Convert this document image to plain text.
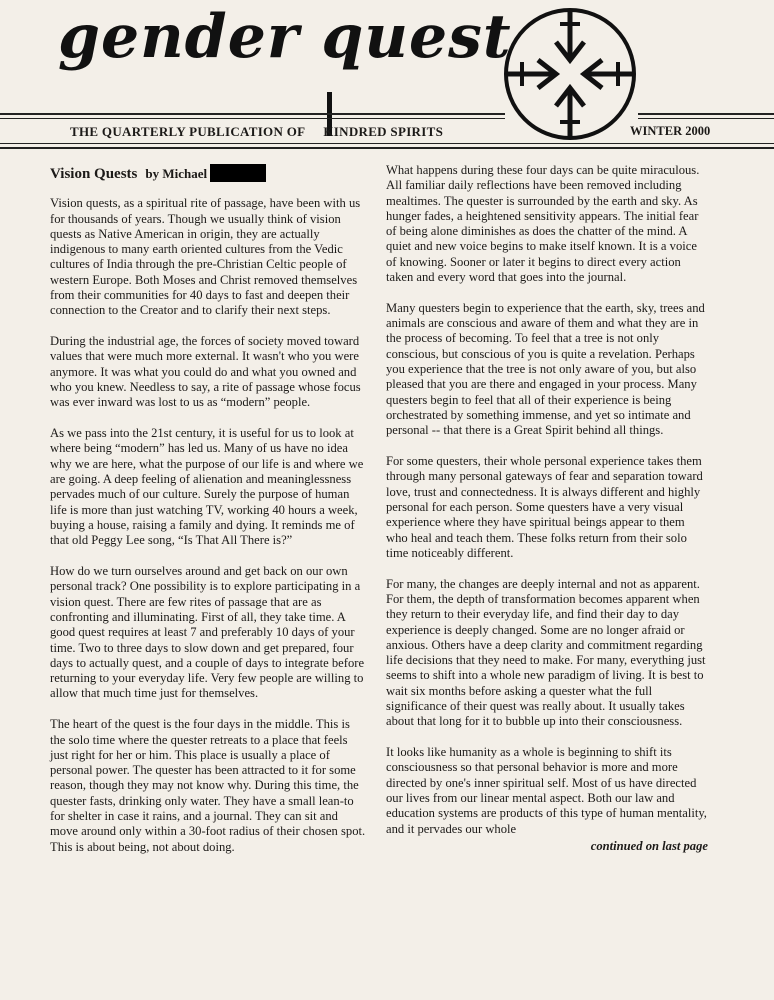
gender quest
THE QUARTERLY PUBLICATION OF KINDRED SPIRITS	WINTER 2000
Vision Quests by Michael

Vision quests, as a spiritual rite of passage, have been with us for thousands of years. Though we usually think of vision quests as Native American in origin, they are actually indigenous to many earth oriented cultures from the Vedic cultures of India through the pre-Christian Celtic people of western Europe. Both Moses and Christ removed themselves from their communities for 40 days to fast and deepen their connection to the Creator and to clarify their next steps.

During the industrial age, the forces of society moved toward values that were much more external. It wasn't who you were anymore. It was what you could do and what you owned and who you knew. Needless to say, a rite of passage whose focus was ever inward was lost to us as “modern” people.

As we pass into the 21st century, it is useful for us to look at where being “modern” has led us. Many of us have no idea why we are here, what the purpose of our life is and where we are going. A deep feeling of alienation and meaninglessness pervades much of our culture. Surely the purpose of human life is more than just watching TV, working 40 hours a week, buying a house, raising a family and dying. It reminds me of that old Peggy Lee song, “Is That All There is?”

How do we turn ourselves around and get back on our own personal track? One possibility is to explore participating in a vision quest. There are few rites of passage that are as confronting and illuminating. First of all, they take time. A good quest requires at least 7 and preferably 10 days of your time. Two to three days to slow down and get prepared, four days to actually quest, and a couple of days to integrate before returning to your everyday life. Very few people are willing to allow that much time just for themselves.

The heart of the quest is the four days in the middle. This is the solo time where the quester retreats to a place that feels just right for her or him. This place is usually a place of personal power. The quester has been attracted to it for some reason, though they may not know why. During this time, the quester fasts, drinking only water. They have a small lean-to for shelter in case it rains, and a journal. They can sit and move around only within a 30-foot radius of their chosen spot. This is about being, not about doing.

What happens during these four days can be quite miraculous. All familiar daily reflections have been removed including mealtimes. The quester is surrounded by the earth and sky. As hunger fades, a heightened sensitivity appears. The initial fear of being alone diminishes as does the chatter of the mind. A quiet and new voice begins to make itself known. It is a voice of knowing. Sooner or later it begins to direct every action taken and every word that goes into the journal.

Many questers begin to experience that the earth, sky, trees and animals are conscious and aware of them and what they are in the process of becoming. To feel that a tree is not only conscious, but conscious of you is quite a revelation. Perhaps you experience that the tree is not only aware of you, but also pleased that you are there and engaged in your process. Many questers begin to feel that all of their experience is being orchestrated by something immense, and yet so intimate and personal -- that there is a Great Spirit behind all things.

For some questers, their whole personal experience takes them through many personal gateways of fear and separation toward love, trust and connectedness. It is always different and highly personal for each person. Some questers have a very visual experience where they have spiritual beings appear to them who heal and teach them. These folks return from their solo time noticeably different.

For many, the changes are deeply internal and not as apparent. For them, the depth of transformation becomes apparent when they return to their everyday life, and find their day to day experience is deeply changed. Some are no longer afraid or anxious. Others have a deep clarity and commitment regarding life decisions that they need to make. For many, everything just seems to shift into a whole new paradigm of living. It is best to wait six months before asking a quester what the full significance of their quest was really about. It usually takes about that long for it to bubble up into their consciousness.

It looks like humanity as a whole is beginning to shift its consciousness so that personal behavior is more and more directed by one's inner spiritual self. Most of us have directed our lives from our linear mental aspect. Both our law and education systems are products of this type of human mentality, and it pervades our whole

continued on last page
